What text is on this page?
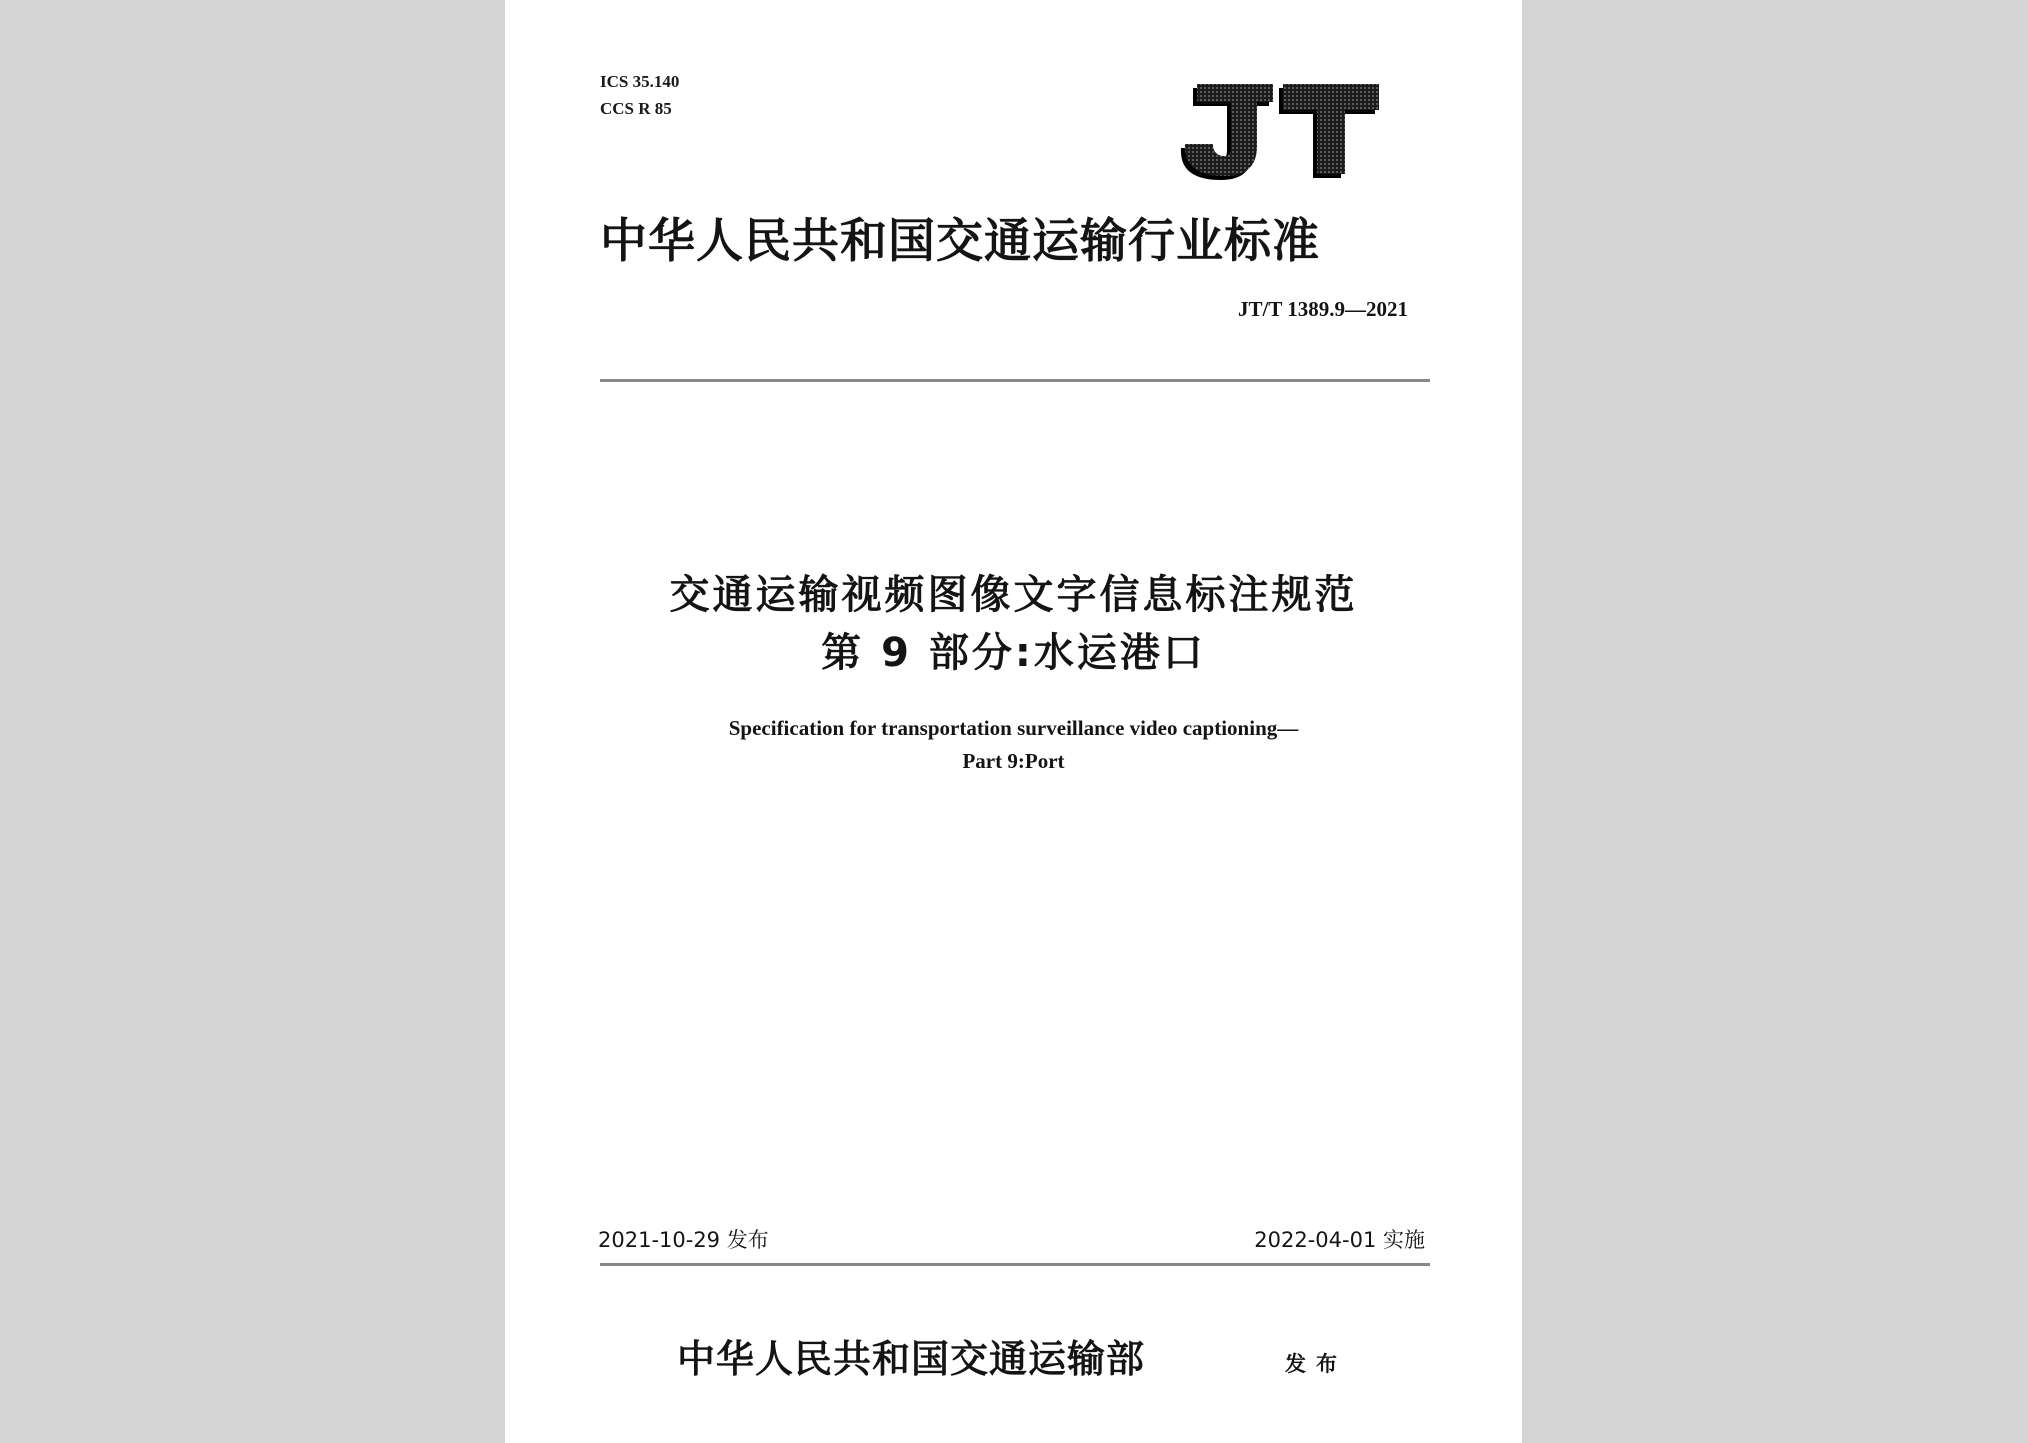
ICS 35.140
CCS R 85
中华人民共和国交通运输行业标准
JT/T 1389.9—2021
交通运输视频图像文字信息标注规范
第 9 部分:水运港口
Specification for transportation surveillance video captioning—
Part 9:Port
2021-10-29 发布	2022-04-01 实施
中华人民共和国交通运输部	发布
